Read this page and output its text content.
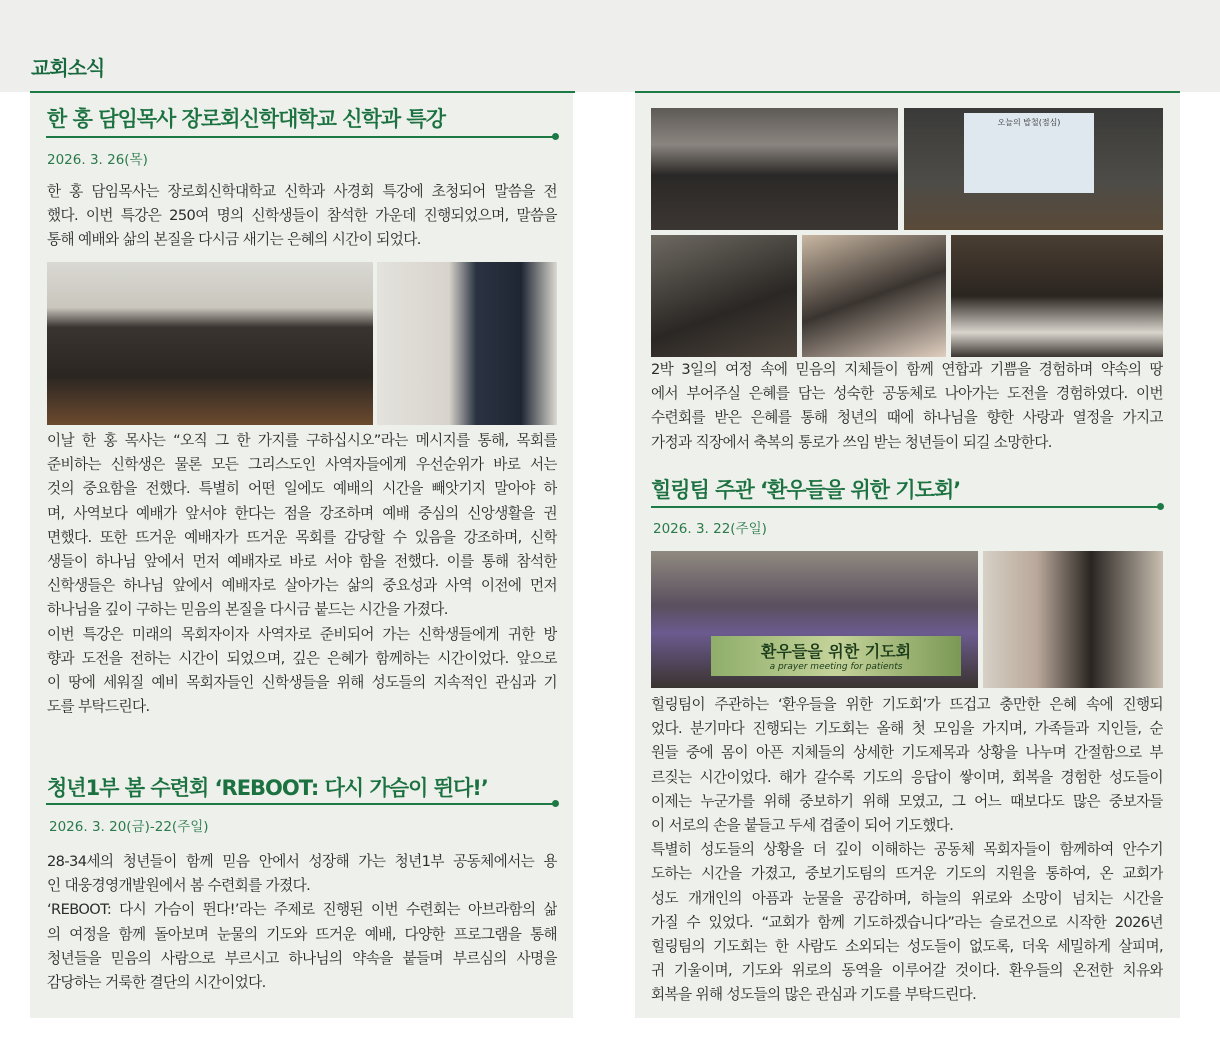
교회소식
한 홍 담임목사 장로회신학대학교 신학과 특강
2026. 3. 26(목)
한 홍 담임목사는 장로회신학대학교 신학과 사경회 특강에 초청되어 말씀을 전
했다. 이번 특강은 250여 명의 신학생들이 참석한 가운데 진행되었으며, 말씀을
통해 예배와 삶의 본질을 다시금 새기는 은혜의 시간이 되었다.
이날 한 홍 목사는 “오직 그 한 가지를 구하십시오”라는 메시지를 통해, 목회를
준비하는 신학생은 물론 모든 그리스도인 사역자들에게 우선순위가 바로 서는
것의 중요함을 전했다. 특별히 어떤 일에도 예배의 시간을 빼앗기지 말아야 하
며, 사역보다 예배가 앞서야 한다는 점을 강조하며 예배 중심의 신앙생활을 권
면했다. 또한 뜨거운 예배자가 뜨거운 목회를 감당할 수 있음을 강조하며, 신학
생들이 하나님 앞에서 먼저 예배자로 바로 서야 함을 전했다. 이를 통해 참석한
신학생들은 하나님 앞에서 예배자로 살아가는 삶의 중요성과 사역 이전에 먼저
하나님을 깊이 구하는 믿음의 본질을 다시금 붙드는 시간을 가졌다.
이번 특강은 미래의 목회자이자 사역자로 준비되어 가는 신학생들에게 귀한 방
향과 도전을 전하는 시간이 되었으며, 깊은 은혜가 함께하는 시간이었다. 앞으로
이 땅에 세워질 예비 목회자들인 신학생들을 위해 성도들의 지속적인 관심과 기
도를 부탁드린다.
청년1부 봄 수련회 ‘REBOOT: 다시 가슴이 뛴다!’
2026. 3. 20(금)-22(주일)
28-34세의 청년들이 함께 믿음 안에서 성장해 가는 청년1부 공동체에서는 용
인 대웅경영개발원에서 봄 수련회를 가졌다.
‘REBOOT: 다시 가슴이 뛴다!’라는 주제로 진행된 이번 수련회는 아브라함의 삶
의 여정을 함께 돌아보며 눈물의 기도와 뜨거운 예배, 다양한 프로그램을 통해
청년들을 믿음의 사람으로 부르시고 하나님의 약속을 붙들며 부르심의 사명을
감당하는 거룩한 결단의 시간이었다.
오늘의 밥철(점심)
2박 3일의 여정 속에 믿음의 지체들이 함께 연합과 기쁨을 경험하며 약속의 땅
에서 부어주실 은혜를 담는 성숙한 공동체로 나아가는 도전을 경험하였다. 이번
수련회를 받은 은혜를 통해 청년의 때에 하나님을 향한 사랑과 열정을 가지고
가정과 직장에서 축복의 통로가 쓰임 받는 청년들이 되길 소망한다.
힐링팀 주관 ‘환우들을 위한 기도회’
2026. 3. 22(주일)
환우들을 위한 기도회
a prayer meeting for patients
힐링팀이 주관하는 ‘환우들을 위한 기도회’가 뜨겁고 충만한 은혜 속에 진행되
었다. 분기마다 진행되는 기도회는 올해 첫 모임을 가지며, 가족들과 지인들, 순
원들 중에 몸이 아픈 지체들의 상세한 기도제목과 상황을 나누며 간절함으로 부
르짖는 시간이었다. 해가 갈수록 기도의 응답이 쌓이며, 회복을 경험한 성도들이
이제는 누군가를 위해 중보하기 위해 모였고, 그 어느 때보다도 많은 중보자들
이 서로의 손을 붙들고 두세 겹줄이 되어 기도했다.
특별히 성도들의 상황을 더 깊이 이해하는 공동체 목회자들이 함께하여 안수기
도하는 시간을 가졌고, 중보기도팀의 뜨거운 기도의 지원을 통하여, 온 교회가
성도 개개인의 아픔과 눈물을 공감하며, 하늘의 위로와 소망이 넘치는 시간을
가질 수 있었다. “교회가 함께 기도하겠습니다”라는 슬로건으로 시작한 2026년
힐링팀의 기도회는 한 사람도 소외되는 성도들이 없도록, 더욱 세밀하게 살피며,
귀 기울이며, 기도와 위로의 동역을 이루어갈 것이다. 환우들의 온전한 치유와
회복을 위해 성도들의 많은 관심과 기도를 부탁드린다.
